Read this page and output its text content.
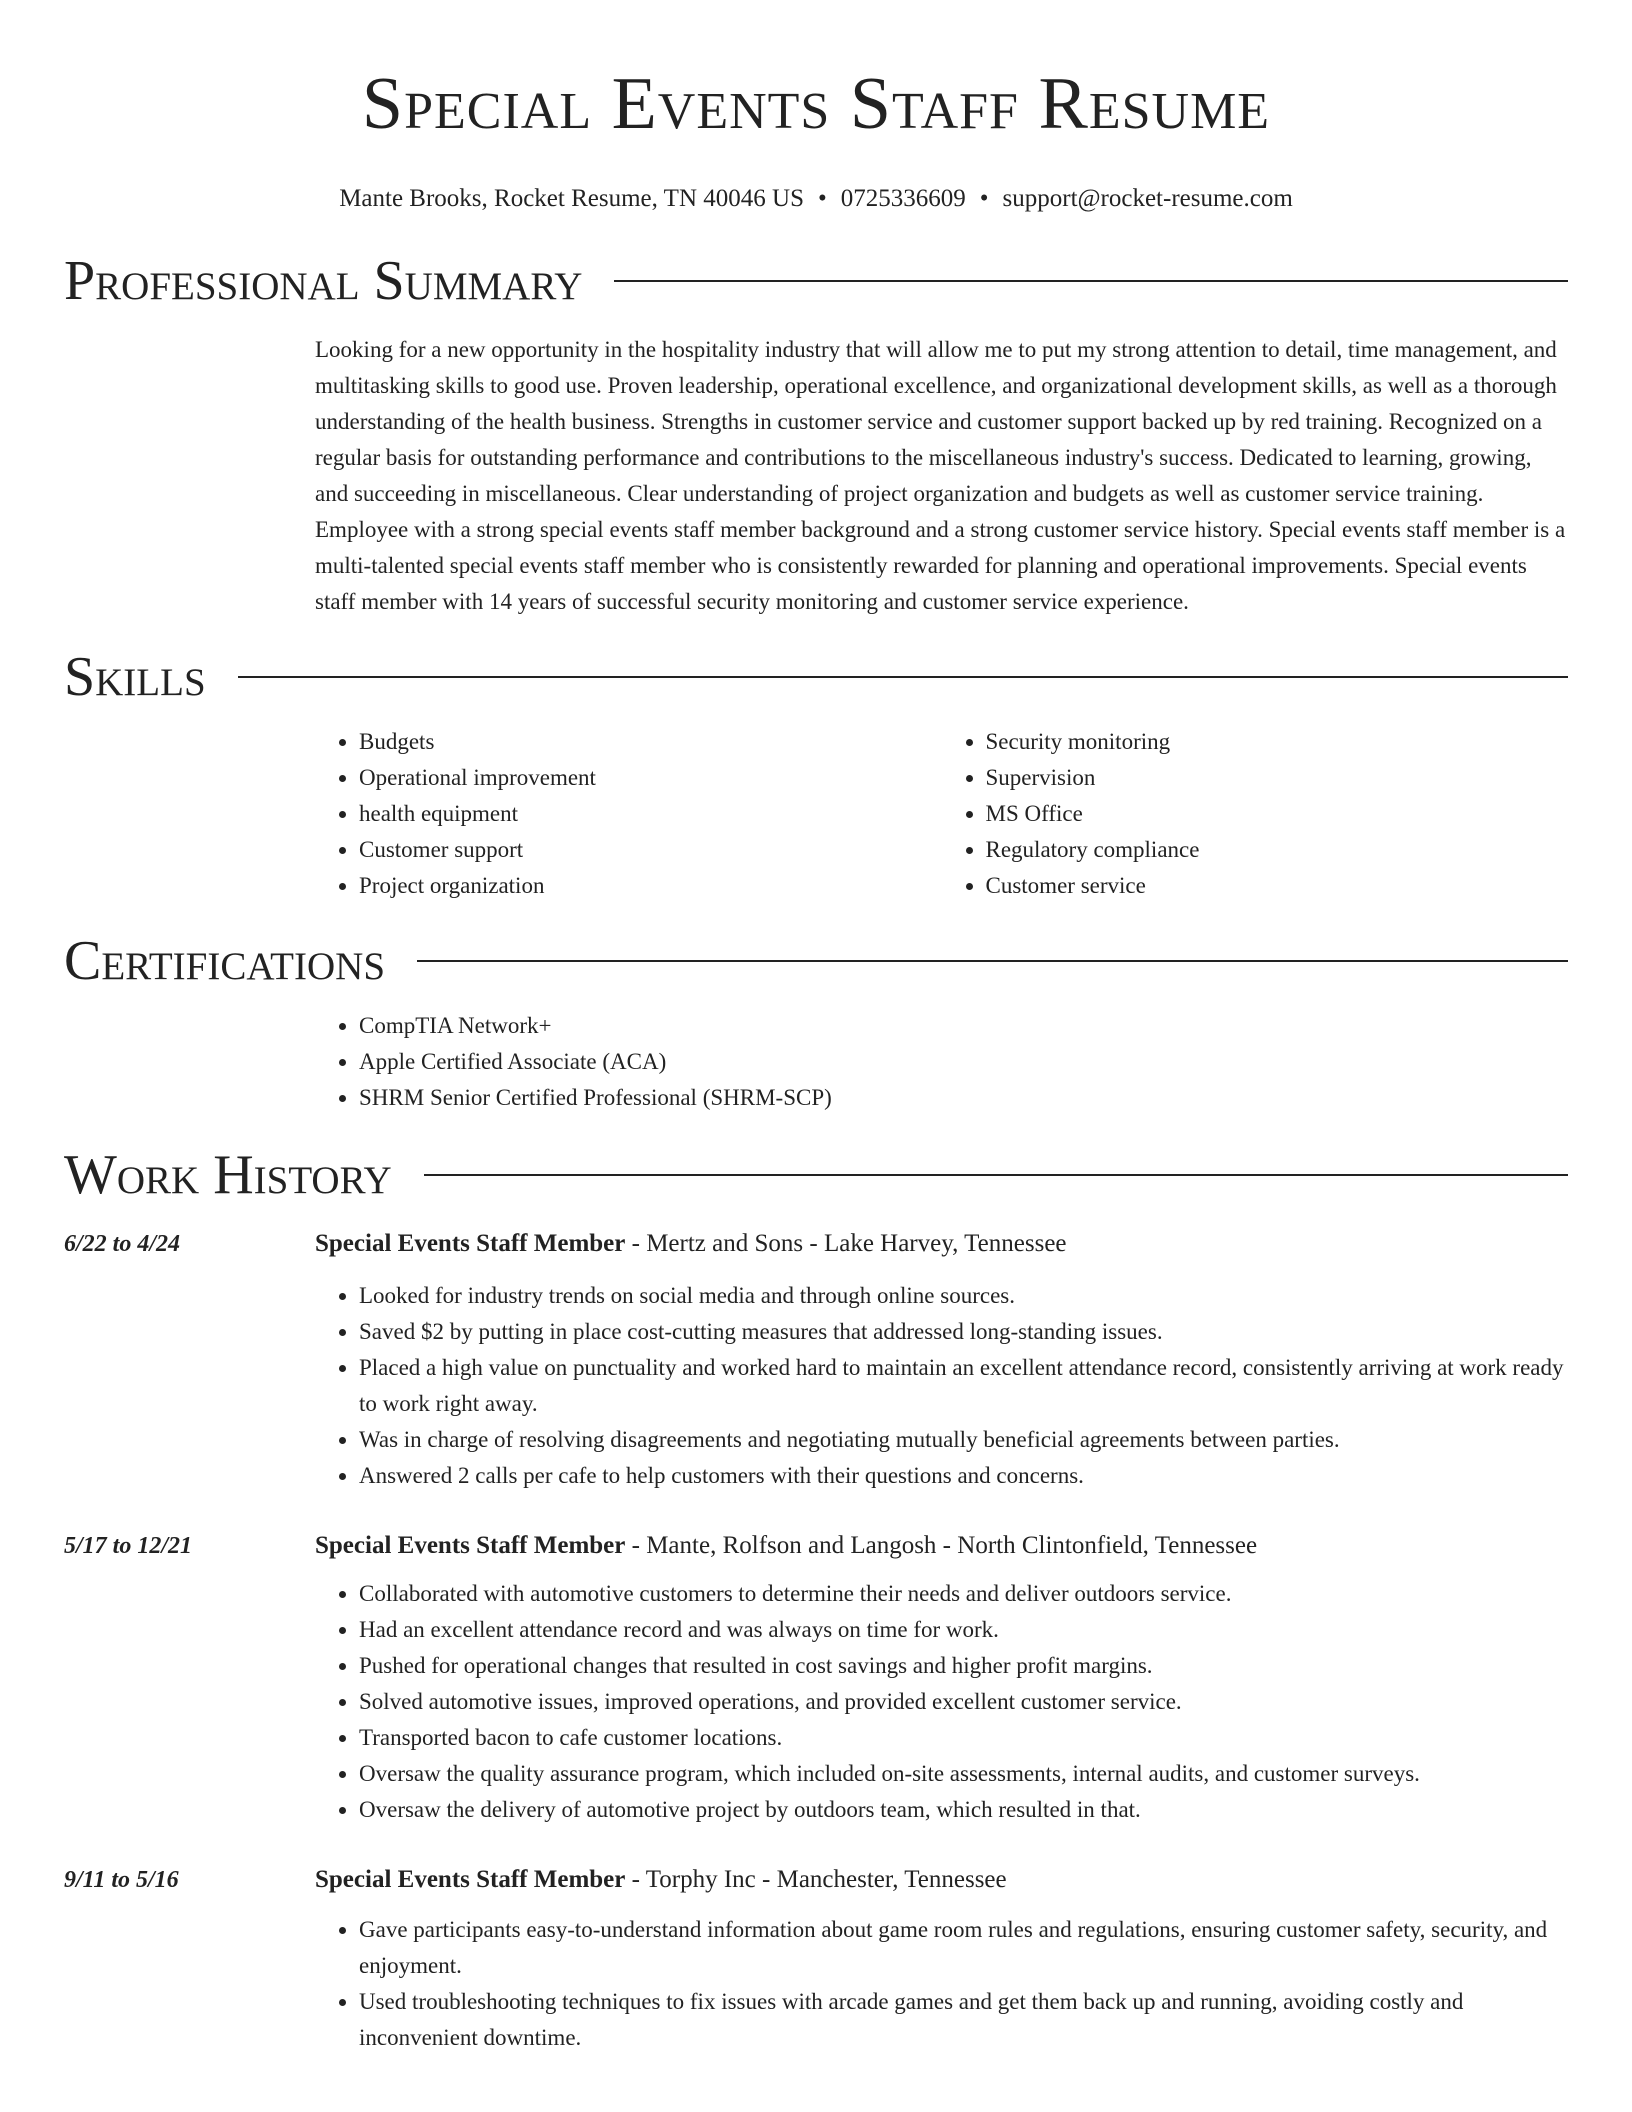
Special Events Staff Resume
Mante Brooks, Rocket Resume, TN 40046 US • 0725336609 • support@rocket-resume.com
Professional Summary

Looking for a new opportunity in the hospitality industry that will allow me to put my strong attention to detail, time management, and multitasking skills to good use. Proven leadership, operational excellence, and organizational development skills, as well as a thorough understanding of the health business. Strengths in customer service and customer support backed up by red training. Recognized on a regular basis for outstanding performance and contributions to the miscellaneous industry's success. Dedicated to learning, growing, and succeeding in miscellaneous. Clear understanding of project organization and budgets as well as customer service training. Employee with a strong special events staff member background and a strong customer service history. Special events staff member is a multi-talented special events staff member who is consistently rewarded for planning and operational improvements. Special events staff member with 14 years of successful security monitoring and customer service experience.

Skills
• Budgets
• Operational improvement
• health equipment
• Customer support
• Project organization
• Security monitoring
• Supervision
• MS Office
• Regulatory compliance
• Customer service
Certifications
• CompTIA Network+
• Apple Certified Associate (ACA)
• SHRM Senior Certified Professional (SHRM-SCP)
Work History
6/22 to 4/24	Special Events Staff Member - Mertz and Sons - Lake Harvey, Tennessee
• Looked for industry trends on social media and through online sources.
• Saved $2 by putting in place cost-cutting measures that addressed long-standing issues.
• Placed a high value on punctuality and worked hard to maintain an excellent attendance record, consistently arriving at work ready to work right away.
• Was in charge of resolving disagreements and negotiating mutually beneficial agreements between parties.
• Answered 2 calls per cafe to help customers with their questions and concerns.
5/17 to 12/21	Special Events Staff Member - Mante, Rolfson and Langosh - North Clintonfield, Tennessee
• Collaborated with automotive customers to determine their needs and deliver outdoors service.
• Had an excellent attendance record and was always on time for work.
• Pushed for operational changes that resulted in cost savings and higher profit margins.
• Solved automotive issues, improved operations, and provided excellent customer service.
• Transported bacon to cafe customer locations.
• Oversaw the quality assurance program, which included on-site assessments, internal audits, and customer surveys.
• Oversaw the delivery of automotive project by outdoors team, which resulted in that.
9/11 to 5/16	Special Events Staff Member - Torphy Inc - Manchester, Tennessee
• Gave participants easy-to-understand information about game room rules and regulations, ensuring customer safety, security, and enjoyment.
• Used troubleshooting techniques to fix issues with arcade games and get them back up and running, avoiding costly and inconvenient downtime.
